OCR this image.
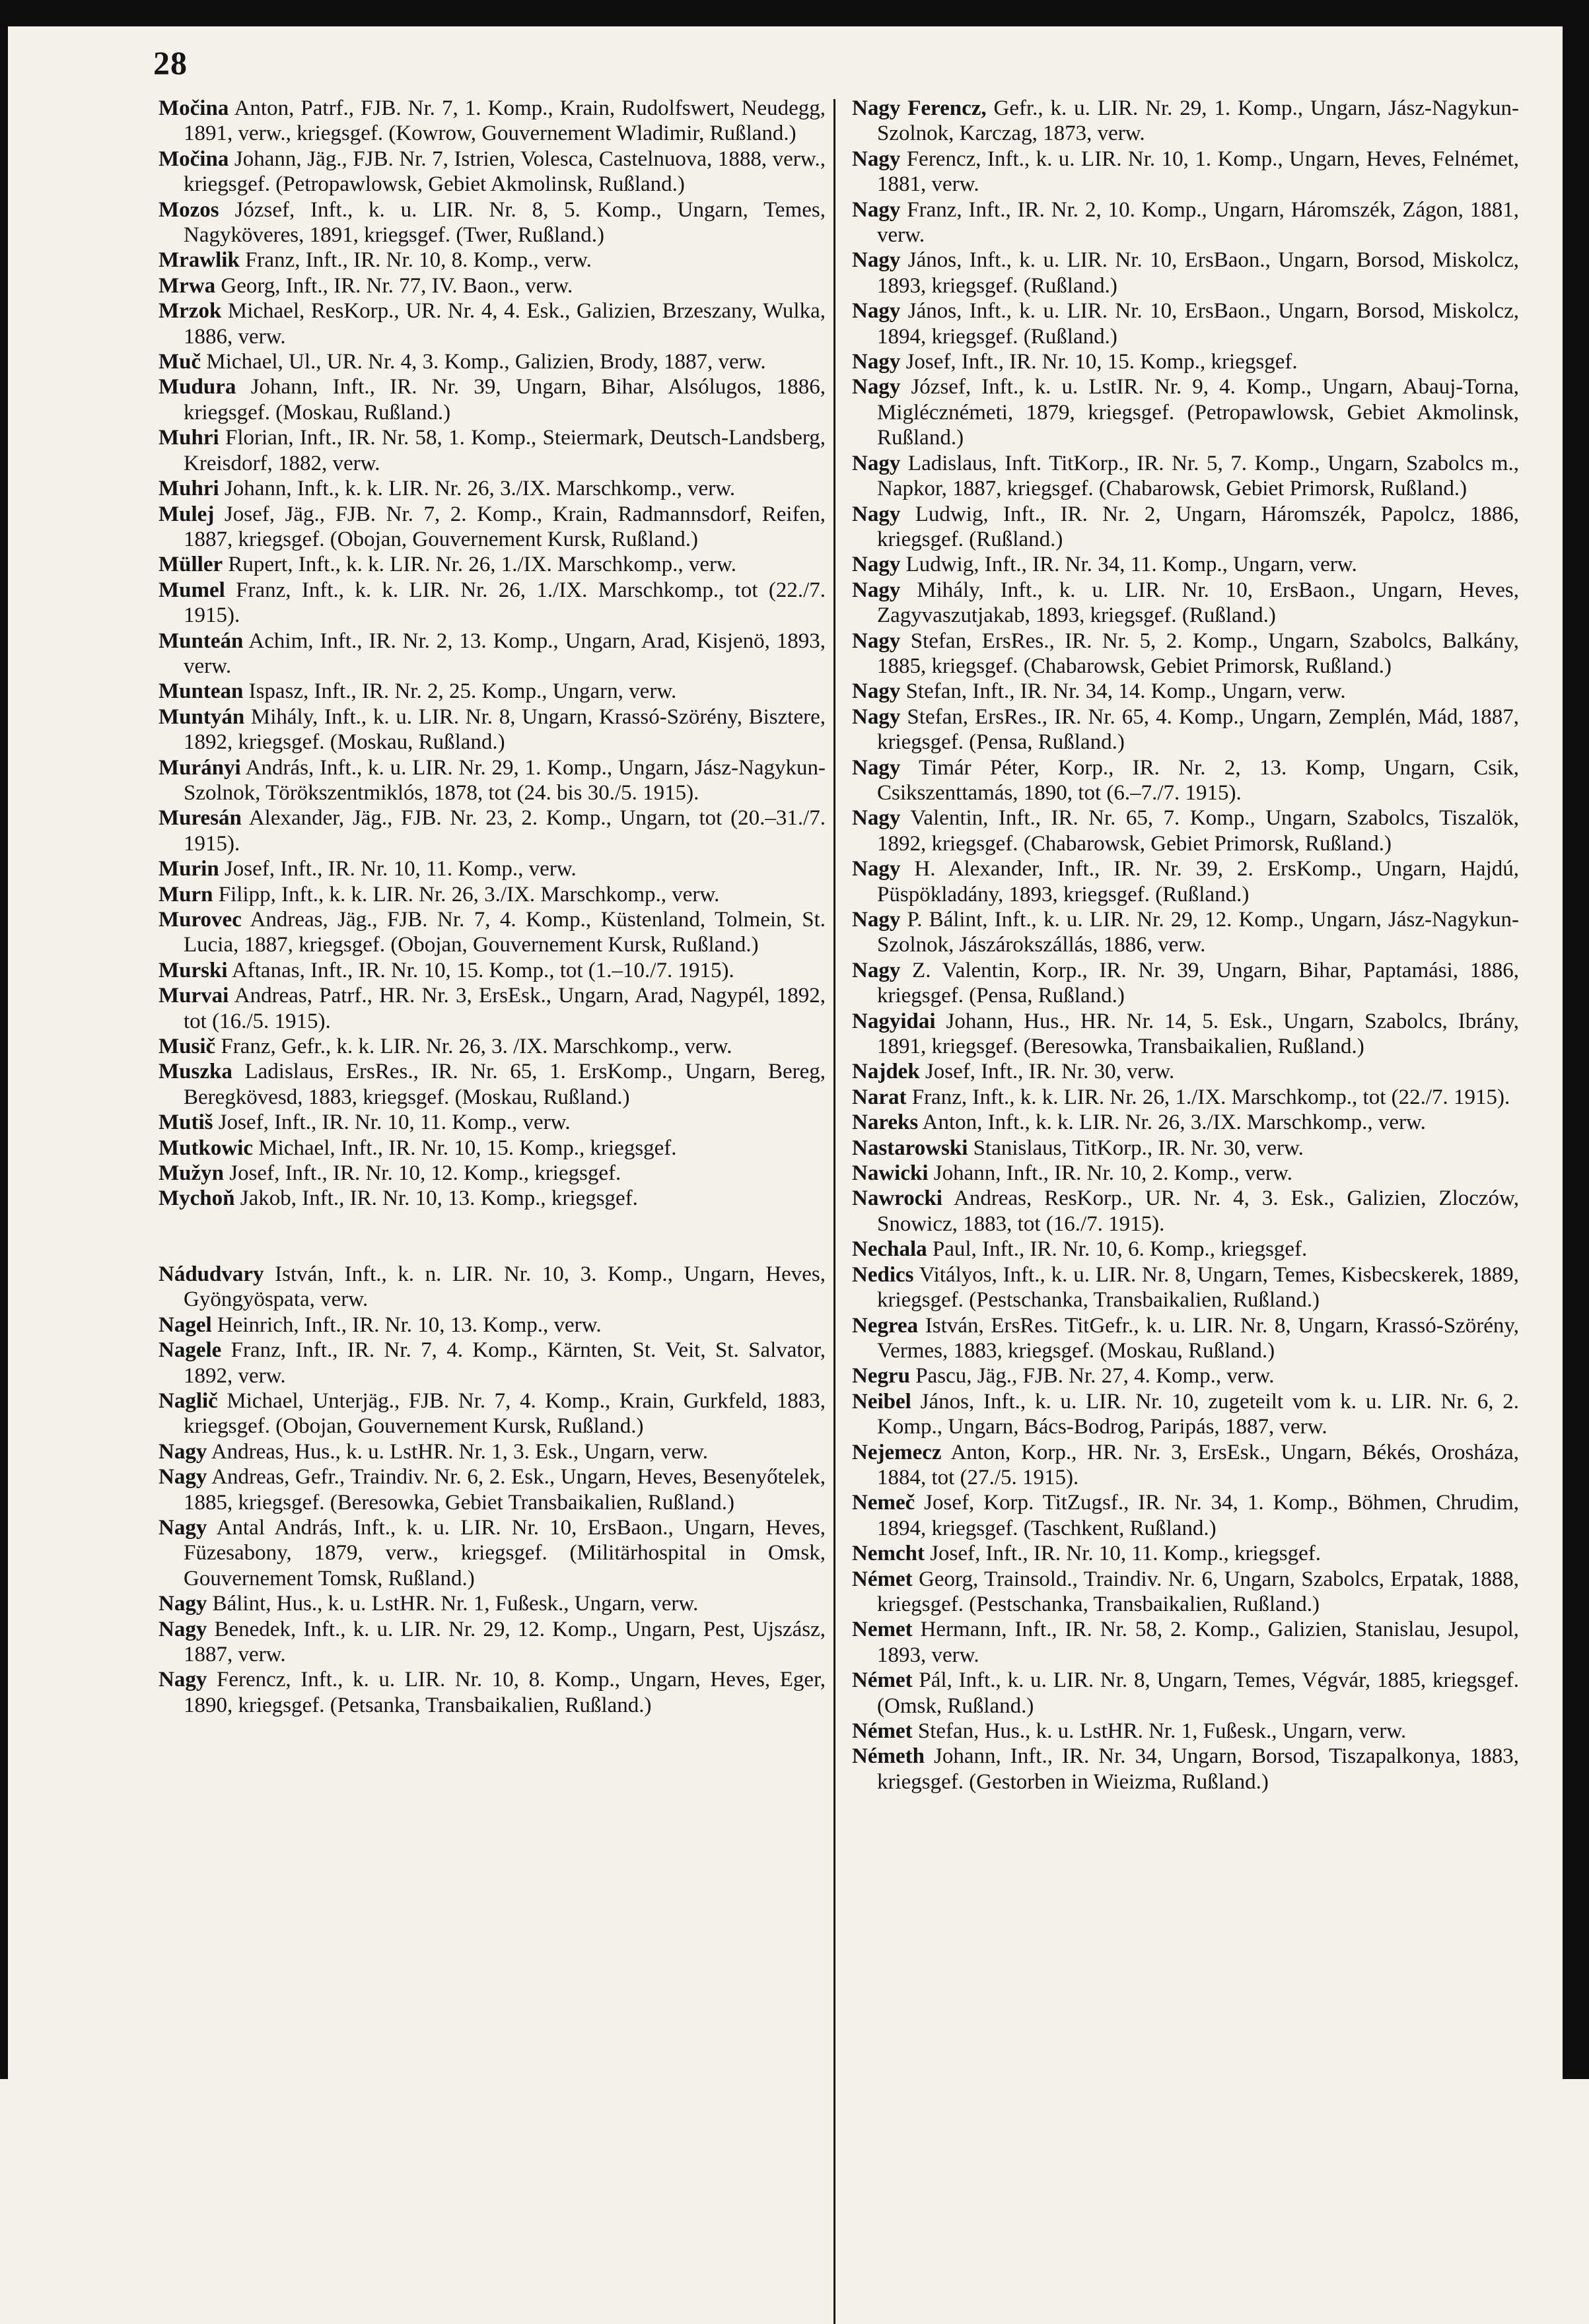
28

Močina Anton, Patrf., FJB. Nr. 7, 1. Komp., Krain, Rudolfswert, Neudegg, 1891, verw., kriegsgef. (Kowrow, Gouvernement Wladimir, Rußland.)

Močina Johann, Jäg., FJB. Nr. 7, Istrien, Volesca, Castelnuova, 1888, verw., kriegsgef. (Petropawlowsk, Gebiet Akmolinsk, Rußland.)

Mozos József, Inft., k. u. LIR. Nr. 8, 5. Komp., Ungarn, Temes, Nagyköveres, 1891, kriegsgef. (Twer, Rußland.)

Mrawlik Franz, Inft., IR. Nr. 10, 8. Komp., verw.

Mrwa Georg, Inft., IR. Nr. 77, IV. Baon., verw.

Mrzok Michael, ResKorp., UR. Nr. 4, 4. Esk., Galizien, Brzeszany, Wulka, 1886, verw.

Muč Michael, Ul., UR. Nr. 4, 3. Komp., Galizien, Brody, 1887, verw.

Mudura Johann, Inft., IR. Nr. 39, Ungarn, Bihar, Alsólugos, 1886, kriegsgef. (Moskau, Rußland.)

Muhri Florian, Inft., IR. Nr. 58, 1. Komp., Steiermark, Deutsch-Landsberg, Kreisdorf, 1882, verw.

Muhri Johann, Inft., k. k. LIR. Nr. 26, 3./IX. Marschkomp., verw.

Mulej Josef, Jäg., FJB. Nr. 7, 2. Komp., Krain, Radmannsdorf, Reifen, 1887, kriegsgef. (Obojan, Gouvernement Kursk, Rußland.)

Müller Rupert, Inft., k. k. LIR. Nr. 26, 1./IX. Marschkomp., verw.

Mumel Franz, Inft., k. k. LIR. Nr. 26, 1./IX. Marschkomp., tot (22./7. 1915).

Munteán Achim, Inft., IR. Nr. 2, 13. Komp., Ungarn, Arad, Kisjenö, 1893, verw.

Muntean Ispasz, Inft., IR. Nr. 2, 25. Komp., Ungarn, verw.

Muntyán Mihály, Inft., k. u. LIR. Nr. 8, Ungarn, Krassó-Szörény, Bisztere, 1892, kriegsgef. (Moskau, Rußland.)

Murányi András, Inft., k. u. LIR. Nr. 29, 1. Komp., Ungarn, Jász-Nagykun-Szolnok, Törökszentmiklós, 1878, tot (24. bis 30./5. 1915).

Muresán Alexander, Jäg., FJB. Nr. 23, 2. Komp., Ungarn, tot (20.–31./7. 1915).

Murin Josef, Inft., IR. Nr. 10, 11. Komp., verw.

Murn Filipp, Inft., k. k. LIR. Nr. 26, 3./IX. Marschkomp., verw.

Murovec Andreas, Jäg., FJB. Nr. 7, 4. Komp., Küstenland, Tolmein, St. Lucia, 1887, kriegsgef. (Obojan, Gouvernement Kursk, Rußland.)

Murski Aftanas, Inft., IR. Nr. 10, 15. Komp., tot (1.–10./7. 1915).

Murvai Andreas, Patrf., HR. Nr. 3, ErsEsk., Ungarn, Arad, Nagypél, 1892, tot (16./5. 1915).

Musič Franz, Gefr., k. k. LIR. Nr. 26, 3. /IX. Marschkomp., verw.

Muszka Ladislaus, ErsRes., IR. Nr. 65, 1. ErsKomp., Ungarn, Bereg, Beregkövesd, 1883, kriegsgef. (Moskau, Rußland.)

Mutiš Josef, Inft., IR. Nr. 10, 11. Komp., verw.

Mutkowic Michael, Inft., IR. Nr. 10, 15. Komp., kriegsgef.

Mužyn Josef, Inft., IR. Nr. 10, 12. Komp., kriegsgef.

Mychoň Jakob, Inft., IR. Nr. 10, 13. Komp., kriegsgef.

Nádudvary István, Inft., k. n. LIR. Nr. 10, 3. Komp., Ungarn, Heves, Gyöngyöspata, verw.

Nagel Heinrich, Inft., IR. Nr. 10, 13. Komp., verw.

Nagele Franz, Inft., IR. Nr. 7, 4. Komp., Kärnten, St. Veit, St. Salvator, 1892, verw.

Naglič Michael, Unterjäg., FJB. Nr. 7, 4. Komp., Krain, Gurkfeld, 1883, kriegsgef. (Obojan, Gouvernement Kursk, Rußland.)

Nagy Andreas, Hus., k. u. LstHR. Nr. 1, 3. Esk., Ungarn, verw.

Nagy Andreas, Gefr., Traindiv. Nr. 6, 2. Esk., Ungarn, Heves, Besenyőtelek, 1885, kriegsgef. (Beresowka, Gebiet Transbaikalien, Rußland.)

Nagy Antal András, Inft., k. u. LIR. Nr. 10, ErsBaon., Ungarn, Heves, Füzesabony, 1879, verw., kriegsgef. (Militärhospital in Omsk, Gouvernement Tomsk, Rußland.)

Nagy Bálint, Hus., k. u. LstHR. Nr. 1, Fußesk., Ungarn, verw.

Nagy Benedek, Inft., k. u. LIR. Nr. 29, 12. Komp., Ungarn, Pest, Ujszász, 1887, verw.

Nagy Ferencz, Inft., k. u. LIR. Nr. 10, 8. Komp., Ungarn, Heves, Eger, 1890, kriegsgef. (Petsanka, Transbaikalien, Rußland.)

Nagy Ferencz, Gefr., k. u. LIR. Nr. 29, 1. Komp., Ungarn, Jász-Nagykun-Szolnok, Karczag, 1873, verw.

Nagy Ferencz, Inft., k. u. LIR. Nr. 10, 1. Komp., Ungarn, Heves, Felnémet, 1881, verw.

Nagy Franz, Inft., IR. Nr. 2, 10. Komp., Ungarn, Háromszék, Zágon, 1881, verw.

Nagy János, Inft., k. u. LIR. Nr. 10, ErsBaon., Ungarn, Borsod, Miskolcz, 1893, kriegsgef. (Rußland.)

Nagy János, Inft., k. u. LIR. Nr. 10, ErsBaon., Ungarn, Borsod, Miskolcz, 1894, kriegsgef. (Rußland.)

Nagy Josef, Inft., IR. Nr. 10, 15. Komp., kriegsgef.

Nagy József, Inft., k. u. LstIR. Nr. 9, 4. Komp., Ungarn, Abauj-Torna, Miglécznémeti, 1879, kriegsgef. (Petropawlowsk, Gebiet Akmolinsk, Rußland.)

Nagy Ladislaus, Inft. TitKorp., IR. Nr. 5, 7. Komp., Ungarn, Szabolcs m., Napkor, 1887, kriegsgef. (Chabarowsk, Gebiet Primorsk, Rußland.)

Nagy Ludwig, Inft., IR. Nr. 2, Ungarn, Háromszék, Papolcz, 1886, kriegsgef. (Rußland.)

Nagy Ludwig, Inft., IR. Nr. 34, 11. Komp., Ungarn, verw.

Nagy Mihály, Inft., k. u. LIR. Nr. 10, ErsBaon., Ungarn, Heves, Zagyvaszutjakab, 1893, kriegsgef. (Rußland.)

Nagy Stefan, ErsRes., IR. Nr. 5, 2. Komp., Ungarn, Szabolcs, Balkány, 1885, kriegsgef. (Chabarowsk, Gebiet Primorsk, Rußland.)

Nagy Stefan, Inft., IR. Nr. 34, 14. Komp., Ungarn, verw.

Nagy Stefan, ErsRes., IR. Nr. 65, 4. Komp., Ungarn, Zemplén, Mád, 1887, kriegsgef. (Pensa, Rußland.)

Nagy Timár Péter, Korp., IR. Nr. 2, 13. Komp, Ungarn, Csik, Csikszenttamás, 1890, tot (6.–7./7. 1915).

Nagy Valentin, Inft., IR. Nr. 65, 7. Komp., Ungarn, Szabolcs, Tiszalök, 1892, kriegsgef. (Chabarowsk, Gebiet Primorsk, Rußland.)

Nagy H. Alexander, Inft., IR. Nr. 39, 2. ErsKomp., Ungarn, Hajdú, Püspökladány, 1893, kriegsgef. (Rußland.)

Nagy P. Bálint, Inft., k. u. LIR. Nr. 29, 12. Komp., Ungarn, Jász-Nagykun-Szolnok, Jászárokszállás, 1886, verw.

Nagy Z. Valentin, Korp., IR. Nr. 39, Ungarn, Bihar, Paptamási, 1886, kriegsgef. (Pensa, Rußland.)

Nagyidai Johann, Hus., HR. Nr. 14, 5. Esk., Ungarn, Szabolcs, Ibrány, 1891, kriegsgef. (Beresowka, Transbaikalien, Rußland.)

Najdek Josef, Inft., IR. Nr. 30, verw.

Narat Franz, Inft., k. k. LIR. Nr. 26, 1./IX. Marschkomp., tot (22./7. 1915).

Nareks Anton, Inft., k. k. LIR. Nr. 26, 3./IX. Marschkomp., verw.

Nastarowski Stanislaus, TitKorp., IR. Nr. 30, verw.

Nawicki Johann, Inft., IR. Nr. 10, 2. Komp., verw.

Nawrocki Andreas, ResKorp., UR. Nr. 4, 3. Esk., Galizien, Zloczów, Snowicz, 1883, tot (16./7. 1915).

Nechala Paul, Inft., IR. Nr. 10, 6. Komp., kriegsgef.

Nedics Vitályos, Inft., k. u. LIR. Nr. 8, Ungarn, Temes, Kisbecskerek, 1889, kriegsgef. (Pestschanka, Transbaikalien, Rußland.)

Negrea István, ErsRes. TitGefr., k. u. LIR. Nr. 8, Ungarn, Krassó-Szörény, Vermes, 1883, kriegsgef. (Moskau, Rußland.)

Negru Pascu, Jäg., FJB. Nr. 27, 4. Komp., verw.

Neibel János, Inft., k. u. LIR. Nr. 10, zugeteilt vom k. u. LIR. Nr. 6, 2. Komp., Ungarn, Bács-Bodrog, Paripás, 1887, verw.

Nejemecz Anton, Korp., HR. Nr. 3, ErsEsk., Ungarn, Békés, Orosháza, 1884, tot (27./5. 1915).

Nemeč Josef, Korp. TitZugsf., IR. Nr. 34, 1. Komp., Böhmen, Chrudim, 1894, kriegsgef. (Taschkent, Rußland.)

Nemcht Josef, Inft., IR. Nr. 10, 11. Komp., kriegsgef.

Német Georg, Trainsold., Traindiv. Nr. 6, Ungarn, Szabolcs, Erpatak, 1888, kriegsgef. (Pestschanka, Transbaikalien, Rußland.)

Nemet Hermann, Inft., IR. Nr. 58, 2. Komp., Galizien, Stanislau, Jesupol, 1893, verw.

Német Pál, Inft., k. u. LIR. Nr. 8, Ungarn, Temes, Végvár, 1885, kriegsgef. (Omsk, Rußland.)

Német Stefan, Hus., k. u. LstHR. Nr. 1, Fußesk., Ungarn, verw.

Németh Johann, Inft., IR. Nr. 34, Ungarn, Borsod, Tiszapalkonya, 1883, kriegsgef. (Gestorben in Wieizma, Rußland.)
